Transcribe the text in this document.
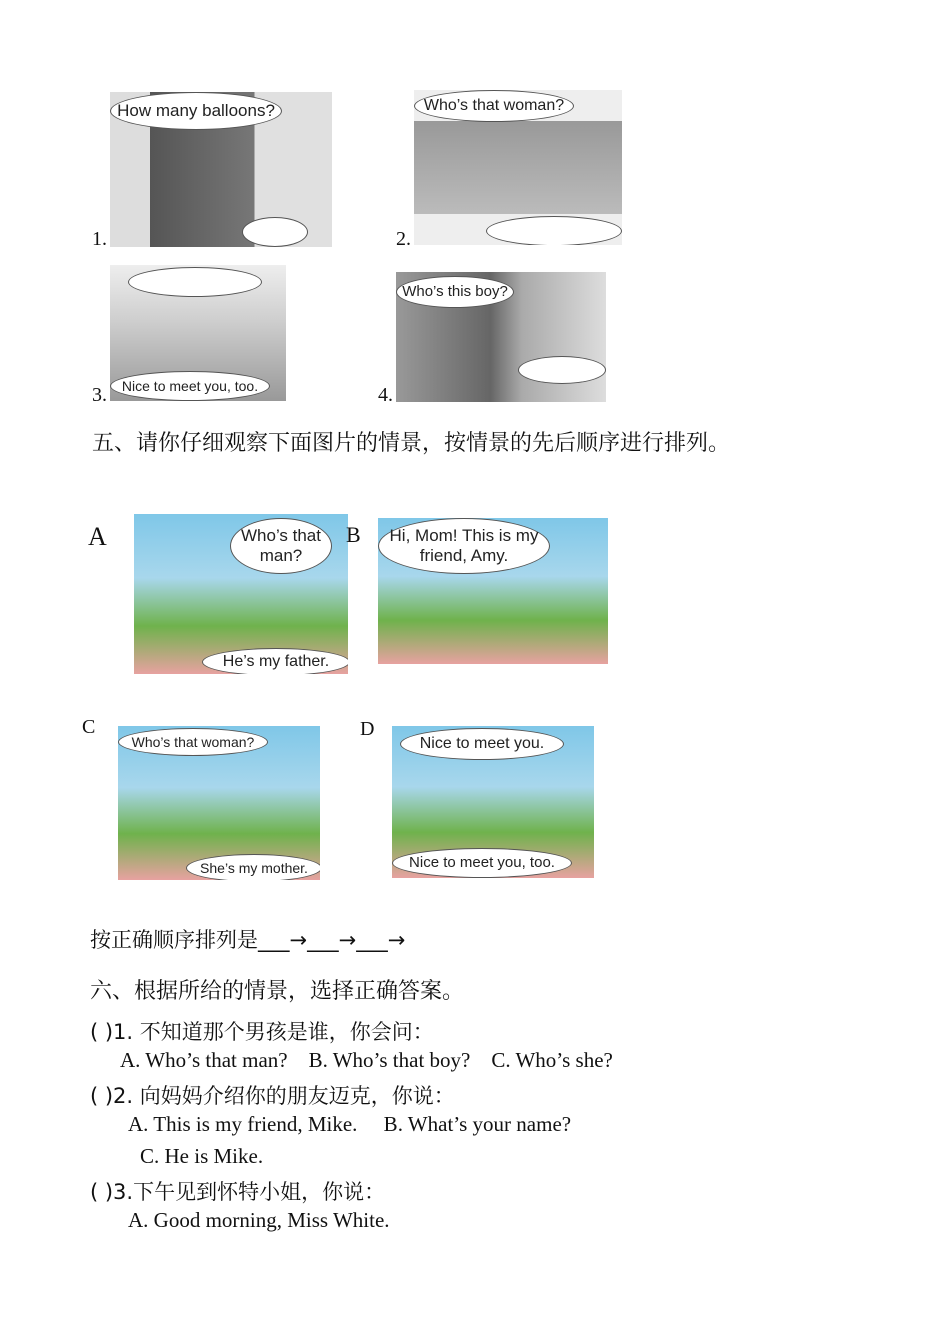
1.
How many balloons?
2.
Who’s that woman?
3.	Nice to meet you, too.	4.
Who’s this boy?
五、请你仔细观察下面图片的情景，按情景的先后顺序进行排列。
A	Who’s that man?
He’s my father.
B	Hi, Mom! This is my friend, Amy.
C
Who’s that woman?
She’s my mother.
D
Nice to meet you.
Nice to meet you, too.
按正确顺序排列是___→___→___→
六、根据所给的情景，选择正确答案。
( )1. 不知道那个男孩是谁，你会问：
A. Who’s that man?    B. Who’s that boy?    C. Who’s she?
( )2. 向妈妈介绍你的朋友迈克，你说：
A. This is my friend, Mike.     B. What’s your name?
C. He is Mike.
( )3.下午见到怀特小姐，你说：
A. Good morning, Miss White.
